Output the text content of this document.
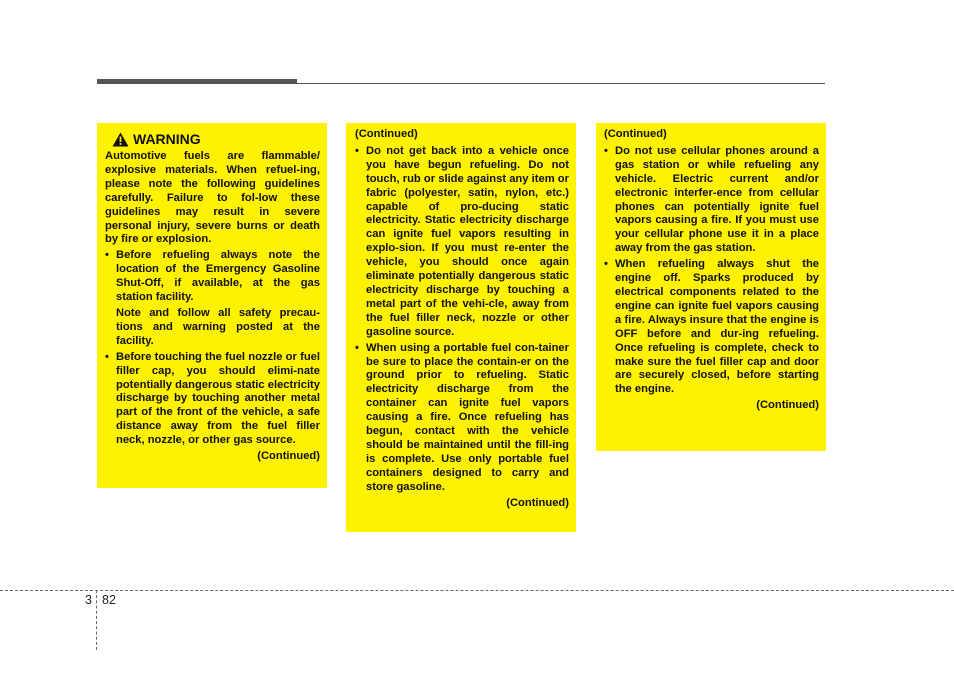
WARNING

Automotive fuels are flammable/ explosive materials. When refuel-ing, please note the following guidelines carefully. Failure to fol-low these guidelines may result in severe personal injury, severe burns or death by fire or explosion.

• Before refueling always note the location of the Emergency Gasoline Shut-Off, if available, at the gas station facility.
Note and follow all safety precau-tions and warning posted at the facility.
• Before touching the fuel nozzle or fuel filler cap, you should elimi-nate potentially dangerous static electricity discharge by touching another metal part of the front of the vehicle, a safe distance away from the fuel filler neck, nozzle, or other gas source.
(Continued)
(Continued)
• Do not get back into a vehicle once you have begun refueling. Do not touch, rub or slide against any item or fabric (polyester, satin, nylon, etc.) capable of pro-ducing static electricity. Static electricity discharge can ignite fuel vapors resulting in explo-sion. If you must re-enter the vehicle, you should once again eliminate potentially dangerous static electricity discharge by touching a metal part of the vehi-cle, away from the fuel filler neck, nozzle or other gasoline source.
• When using a portable fuel con-tainer be sure to place the contain-er on the ground prior to refueling. Static electricity discharge from the container can ignite fuel vapors causing a fire. Once refueling has begun, contact with the vehicle should be maintained until the fill-ing is complete. Use only portable fuel containers designed to carry and store gasoline.
(Continued)
(Continued)
• Do not use cellular phones around a gas station or while refueling any vehicle. Electric current and/or electronic interfer-ence from cellular phones can potentially ignite fuel vapors causing a fire. If you must use your cellular phone use it in a place away from the gas station.
• When refueling always shut the engine off. Sparks produced by electrical components related to the engine can ignite fuel vapors causing a fire. Always insure that the engine is OFF before and dur-ing refueling. Once refueling is complete, check to make sure the fuel filler cap and door are securely closed, before starting the engine.
(Continued)
3 82
